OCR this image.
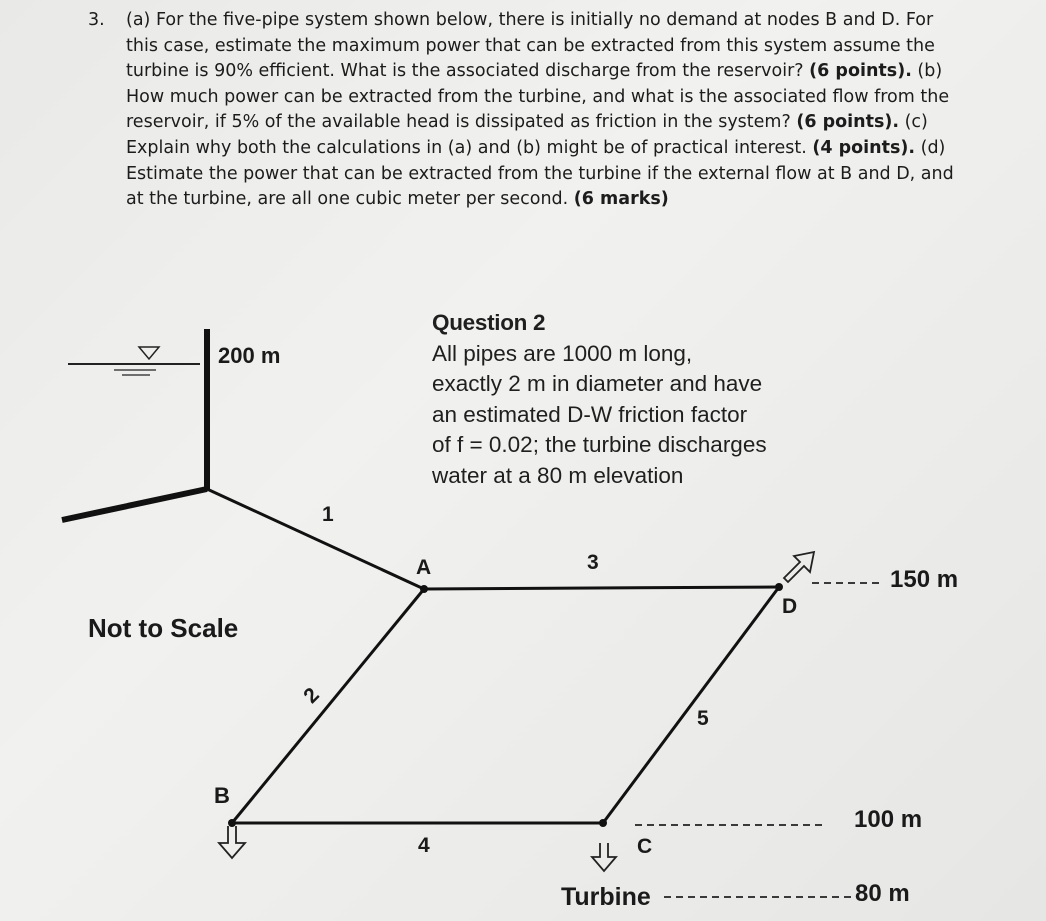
3. (a) For the five-pipe system shown below, there is initially no demand at nodes B and D. For this case, estimate the maximum power that can be extracted from this system assume the turbine is 90% efficient. What is the associated discharge from the reservoir? (6 points). (b) How much power can be extracted from the turbine, and what is the associated flow from the reservoir, if 5% of the available head is dissipated as friction in the system? (6 points). (c) Explain why both the calculations in (a) and (b) might be of practical interest. (4 points). (d) Estimate the power that can be extracted from the turbine if the external flow at B and D, and at the turbine, are all one cubic meter per second. (6 marks)
200 m
Not to Scale
1
2
3
4
5
A
B
C
D
Turbine
150 m
100 m
80 m
Question 2
All pipes are 1000 m long,
exactly 2 m in diameter and have
an estimated D-W friction factor
of f = 0.02; the turbine discharges
water at a 80 m elevation
